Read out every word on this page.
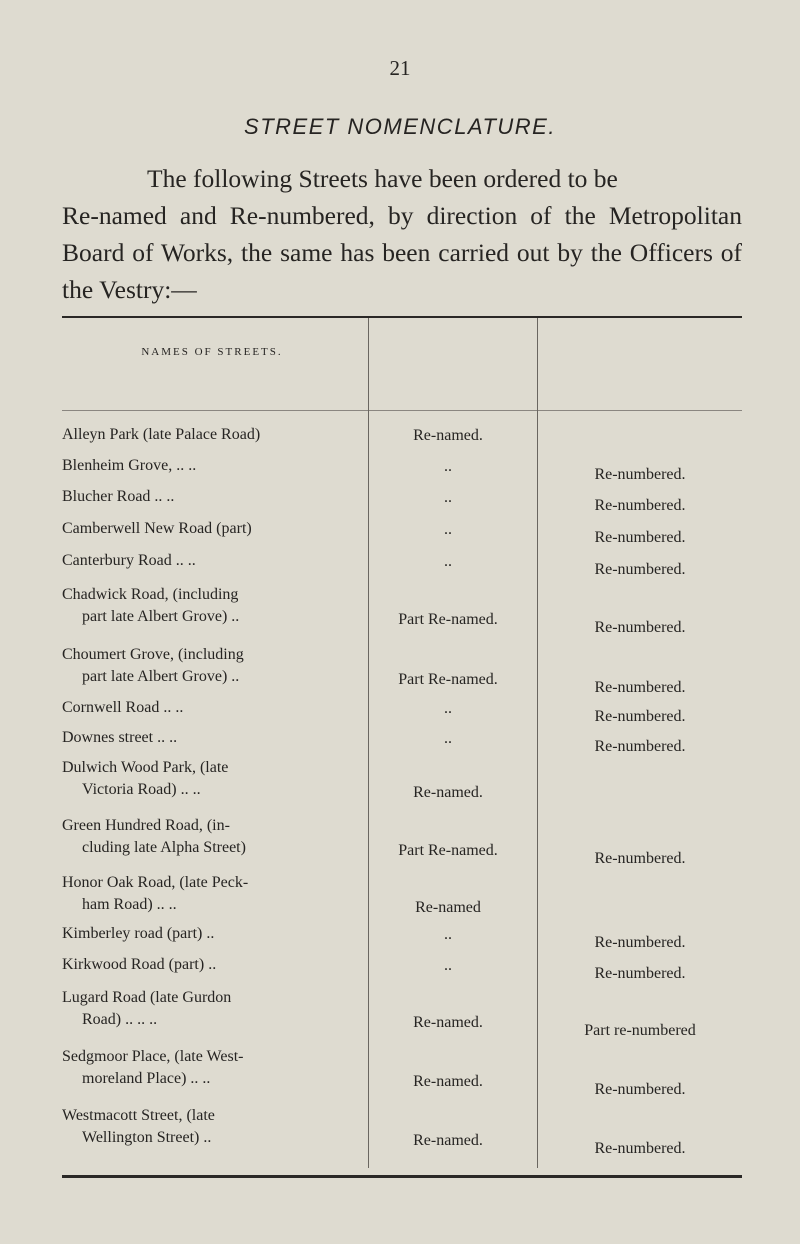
21
STREET NOMENCLATURE.
The following Streets have been ordered to be
Re-named and Re-numbered, by direction of the Metropolitan Board of Works, the same has been carried out by the Officers of the Vestry:—
NAMES OF STREETS.
Alleyn Park (late Palace Road)	Re-named.
Blenheim Grove, .. ..	..	Re-numbered.
Blucher Road .. ..	..	Re-numbered.
Camberwell New Road (part)	..	Re-numbered.
Canterbury Road .. ..	..	Re-numbered.
Chadwick Road, (including
part late Albert Grove) ..	Part Re-named.	Re-numbered.
Choumert Grove, (including
part late Albert Grove) ..	Part Re-named.	Re-numbered.
Cornwell Road .. ..	..	Re-numbered.
Downes street .. ..	..	Re-numbered.
Dulwich Wood Park, (late
Victoria Road) .. ..	Re-named.
Green Hundred Road, (in-
cluding late Alpha Street)	Part Re-named.	Re-numbered.
Honor Oak Road, (late Peck-
ham Road) .. ..	Re-named
Kimberley road (part) ..	..	Re-numbered.
Kirkwood Road (part) ..	..	Re-numbered.
Lugard Road (late Gurdon
Road) .. .. ..	Re-named.	Part re-numbered
Sedgmoor Place, (late West-
moreland Place) .. ..	Re-named.	Re-numbered.
Westmacott Street, (late
Wellington Street) ..	Re-named.	Re-numbered.
